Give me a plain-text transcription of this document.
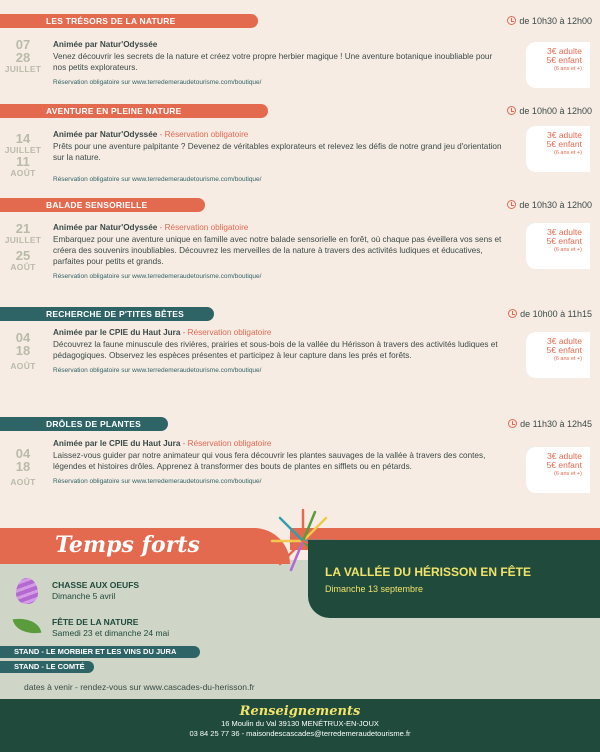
LES TRÉSORS DE LA NATURE	de 10h30 à 12h00
07
28
JUILLET
Animée par Natur'Odyssée
Venez découvrir les secrets de la nature et créez votre propre herbier magique ! Une aventure botanique inoubliable pour nos petits explorateurs.
Réservation obligatoire sur www.terredemeraudetourisme.com/boutique/
3€ adulte
5€ enfant
(6 ans et +)
AVENTURE EN PLEINE NATURE	de 10h00 à 12h00
14
JUILLET
11
AOÛT
Animée par Natur'Odyssée - Réservation obligatoire
Prêts pour une aventure palpitante ? Devenez de véritables explorateurs et relevez les défis de notre grand jeu d'orientation sur la nature.
Réservation obligatoire sur www.terredemeraudetourisme.com/boutique/
3€ adulte
5€ enfant
(6 ans et +)
BALADE SENSORIELLE	de 10h30 à 12h00
21
JUILLET
25
AOÛT
Animée par Natur'Odyssée - Réservation obligatoire
Embarquez pour une aventure unique en famille avec notre balade sensorielle en forêt, où chaque pas éveillera vos sens et créera des souvenirs inoubliables. Découvrez les merveilles de la nature à travers des activités ludiques et éducatives, parfaites pour petits et grands.
Réservation obligatoire sur www.terredemeraudetourisme.com/boutique/
3€ adulte
5€ enfant
(6 ans et +)
RECHERCHE DE P'TITES BÊTES	de 10h00 à 11h15
04
18
AOÛT
Animée par le CPIE du Haut Jura - Réservation obligatoire
Découvrez la faune minuscule des rivières, prairies et sous-bois de la vallée du Hérisson à travers des activités ludiques et pédagogiques. Observez les espèces présentes et participez à leur capture dans les prés et forêts.
Réservation obligatoire sur www.terredemeraudetourisme.com/boutique/
3€ adulte
5€ enfant
(6 ans et +)
DRÔLES DE PLANTES	de 11h30 à 12h45
04
18
AOÛT
Animée par le CPIE du Haut Jura - Réservation obligatoire
Laissez-vous guider par notre animateur qui vous fera découvrir les plantes sauvages de la vallée à travers des contes, légendes et histoires drôles. Apprenez à transformer des bouts de plantes en sifflets ou en pétards.
Réservation obligatoire sur www.terredemeraudetourisme.com/boutique/
3€ adulte
5€ enfant
(6 ans et +)
Temps forts
LA VALLÉE DU HÉRISSON EN FÊTE
Dimanche 13 septembre
CHASSE AUX OEUFS
Dimanche 5 avril
FÊTE DE LA NATURE
Samedi 23 et dimanche 24 mai
STAND - LE MORBIER ET LES VINS DU JURA
STAND - LE COMTÉ
dates à venir - rendez-vous sur www.cascades-du-herisson.fr
Renseignements
16 Moulin du Val 39130 MENÉTRUX-EN-JOUX
03 84 25 77 36 - maisondescascades@terredemeraudetourisme.fr
